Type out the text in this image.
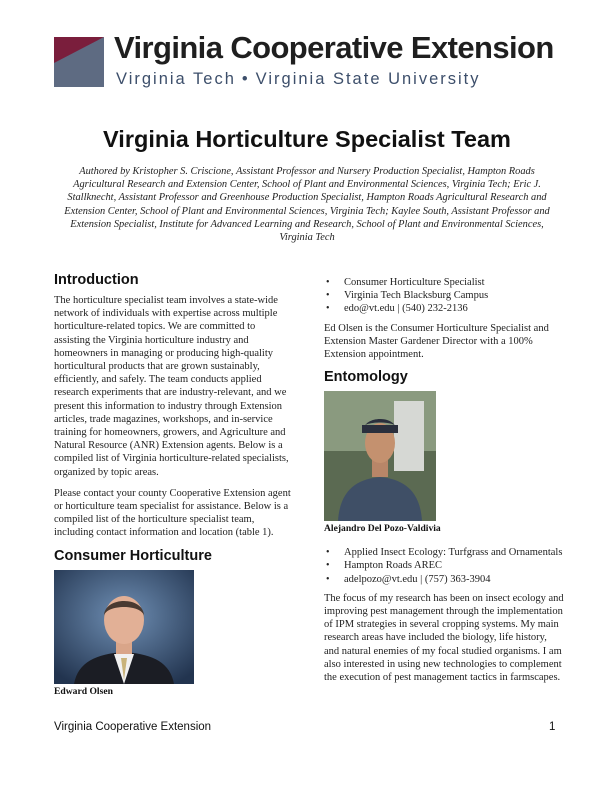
Virginia Cooperative Extension
Virginia Tech • Virginia State University
Virginia Horticulture Specialist Team

Authored by Kristopher S. Criscione, Assistant Professor and Nursery Production Specialist, Hampton Roads Agricultural Research and Extension Center, School of Plant and Environmental Sciences, Virginia Tech; Eric J. Stallknecht, Assistant Professor and Greenhouse Production Specialist, Hampton Roads Agricultural Research and Extension Center, School of Plant and Environmental Sciences, Virginia Tech; Kaylee South, Assistant Professor and Extension Specialist, Institute for Advanced Learning and Research, School of Plant and Environmental Sciences, Virginia Tech

Introduction

The horticulture specialist team involves a state-wide network of individuals with expertise across multiple horticulture-related topics. We are committed to assisting the Virginia horticulture industry and homeowners in managing or producing high-quality horticultural products that are grown sustainably, efficiently, and safely. The team conducts applied research experiments that are industry-relevant, and we present this information to industry through Extension articles, trade magazines, workshops, and in-service training for homeowners, growers, and Agriculture and Natural Resource (ANR) Extension agents. Below is a compiled list of Virginia horticulture-related specialists, organized by topic areas.

Please contact your county Cooperative Extension agent or horticulture team specialist for assistance. Below is a compiled list of the horticulture specialist team, including contact information and location (table 1).

Consumer Horticulture
Edward Olsen
• Consumer Horticulture Specialist
• Virginia Tech Blacksburg Campus
• edo@vt.edu | (540) 232-2136

Ed Olsen is the Consumer Horticulture Specialist and Extension Master Gardener Director with a 100% Extension appointment.

Entomology
Alejandro Del Pozo-Valdivia
• Applied Insect Ecology: Turfgrass and Ornamentals
• Hampton Roads AREC
• adelpozo@vt.edu | (757) 363-3904

The focus of my research has been on insect ecology and improving pest management through the implementation of IPM strategies in several cropping systems. My main research areas have included the biology, life history, and natural enemies of my focal studied organisms. I am also interested in using new technologies to complement the execution of pest management tactics in farmscapes.

Virginia Cooperative Extension	1
